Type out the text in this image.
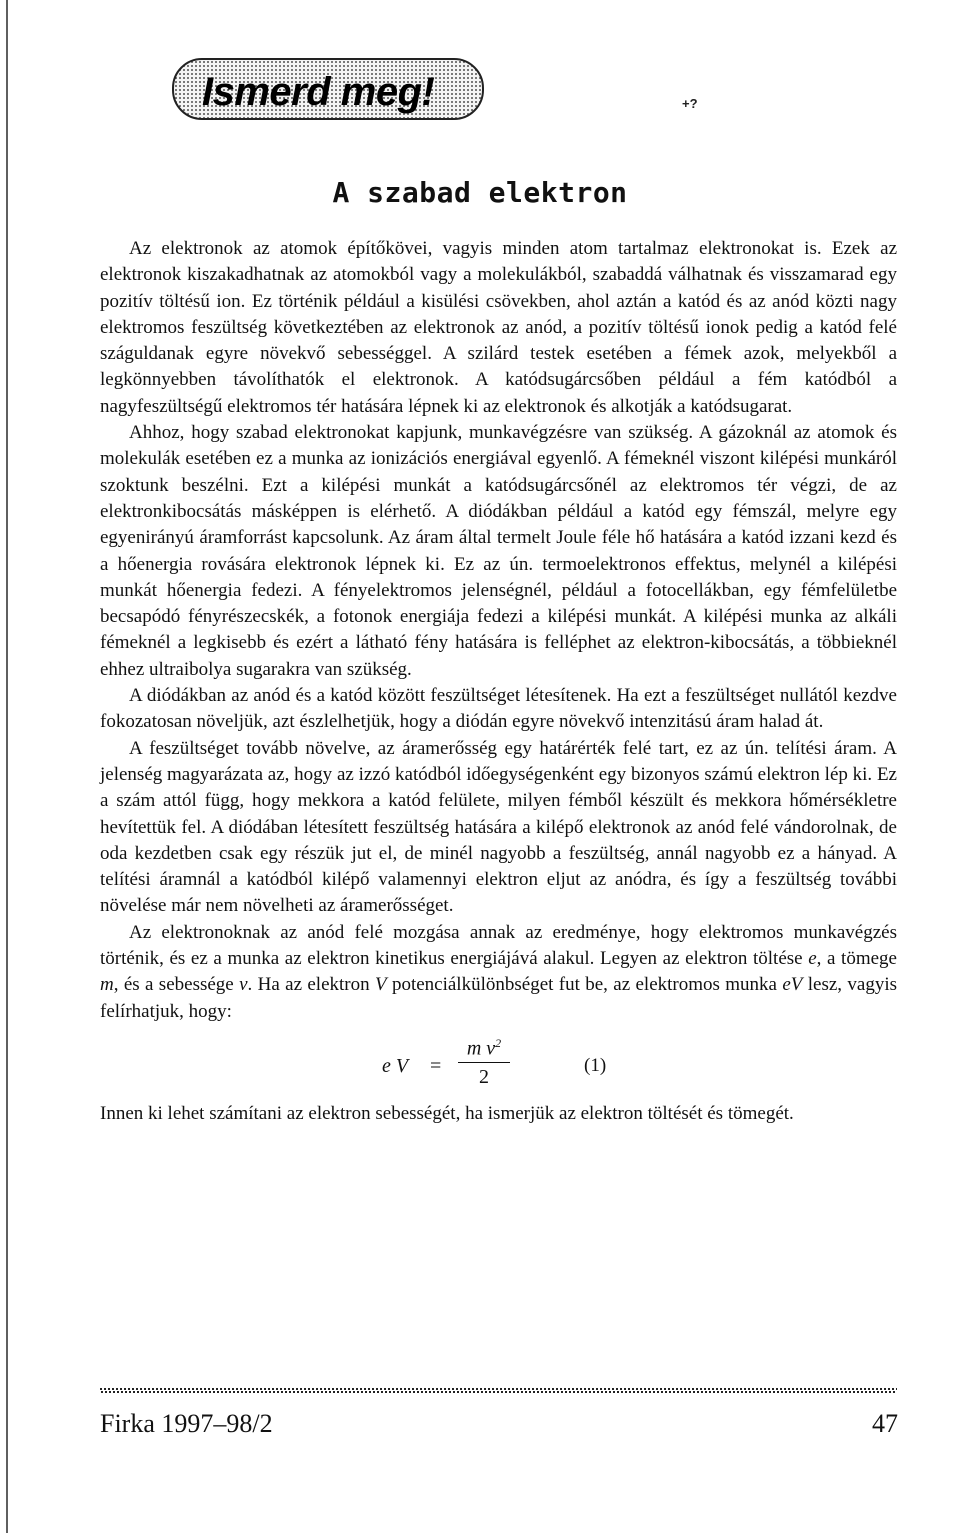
Ismerd meg!	+?
A szabad elektron

Az elektronok az atomok építőkövei, vagyis minden atom tartalmaz elektronokat is. Ezek az elektronok kiszakadhatnak az atomokból vagy a molekulákból, szabaddá válhatnak és visszamarad egy pozitív töltésű ion. Ez történik például a kisülési csövekben, ahol aztán a katód és az anód közti nagy elektromos feszültség következtében az elektronok az anód, a pozitív töltésű ionok pedig a katód felé száguldanak egyre növekvő sebességgel. A szilárd testek esetében a fémek azok, melyekből a legkönnyebben távolíthatók el elektronok. A katódsugárcsőben például a fém katódból a nagyfeszültségű elektromos tér hatására lépnek ki az elektronok és alkotják a katódsugarat.

Ahhoz, hogy szabad elektronokat kapjunk, munkavégzésre van szükség. A gázoknál az atomok és molekulák esetében ez a munka az ionizációs energiával egyenlő. A fémeknél viszont kilépési munkáról szoktunk beszélni. Ezt a kilépési munkát a katódsugárcsőnél az elektromos tér végzi, de az elektronkibocsátás másképpen is elérhető. A diódákban például a katód egy fémszál, melyre egy egyenirányú áramforrást kapcsolunk. Az áram által termelt Joule féle hő hatására a katód izzani kezd és a hőenergia rovására elektronok lépnek ki. Ez az ún. termoelektronos effektus, melynél a kilépési munkát hőenergia fedezi. A fényelektromos jelenségnél, például a fotocellákban, egy fémfelületbe becsapódó fényrészecskék, a fotonok energiája fedezi a kilépési munkát. A kilépési munka az alkáli fémeknél a legkisebb és ezért a látható fény hatására is felléphet az elektron-kibocsátás, a többieknél ehhez ultraibolya sugarakra van szükség.

A diódákban az anód és a katód között feszültséget létesítenek. Ha ezt a feszültséget nullától kezdve fokozatosan növeljük, azt észlelhetjük, hogy a diódán egyre növekvő intenzitású áram halad át.

A feszültséget tovább növelve, az áramerősség egy határérték felé tart, ez az ún. telítési áram. A jelenség magyarázata az, hogy az izzó katódból időegységenként egy bizonyos számú elektron lép ki. Ez a szám attól függ, hogy mekkora a katód felülete, milyen fémből készült és mekkora hőmérsékletre hevítettük fel. A diódában létesített feszültség hatására a kilépő elektronok az anód felé vándorolnak, de oda kezdetben csak egy részük jut el, de minél nagyobb a feszültség, annál nagyobb ez a hányad. A telítési áramnál a katódból kilépő valamennyi elektron eljut az anódra, és így a feszültség további növelése már nem növelheti az áramerősséget.

Az elektronoknak az anód felé mozgása annak az eredménye, hogy elektromos munkavégzés történik, és ez a munka az elektron kinetikus energiájává alakul. Legyen az elektron töltése e, a tömege m, és a sebessége v. Ha az elektron V potenciálkülönbséget fut be, az elektromos munka eV lesz, vagyis felírhatjuk, hogy:

e V =
m $v^2$
2
(1)

Innen ki lehet számítani az elektron sebességét, ha ismerjük az elektron töltését és tömegét.

Firka 1997–98/2	47
